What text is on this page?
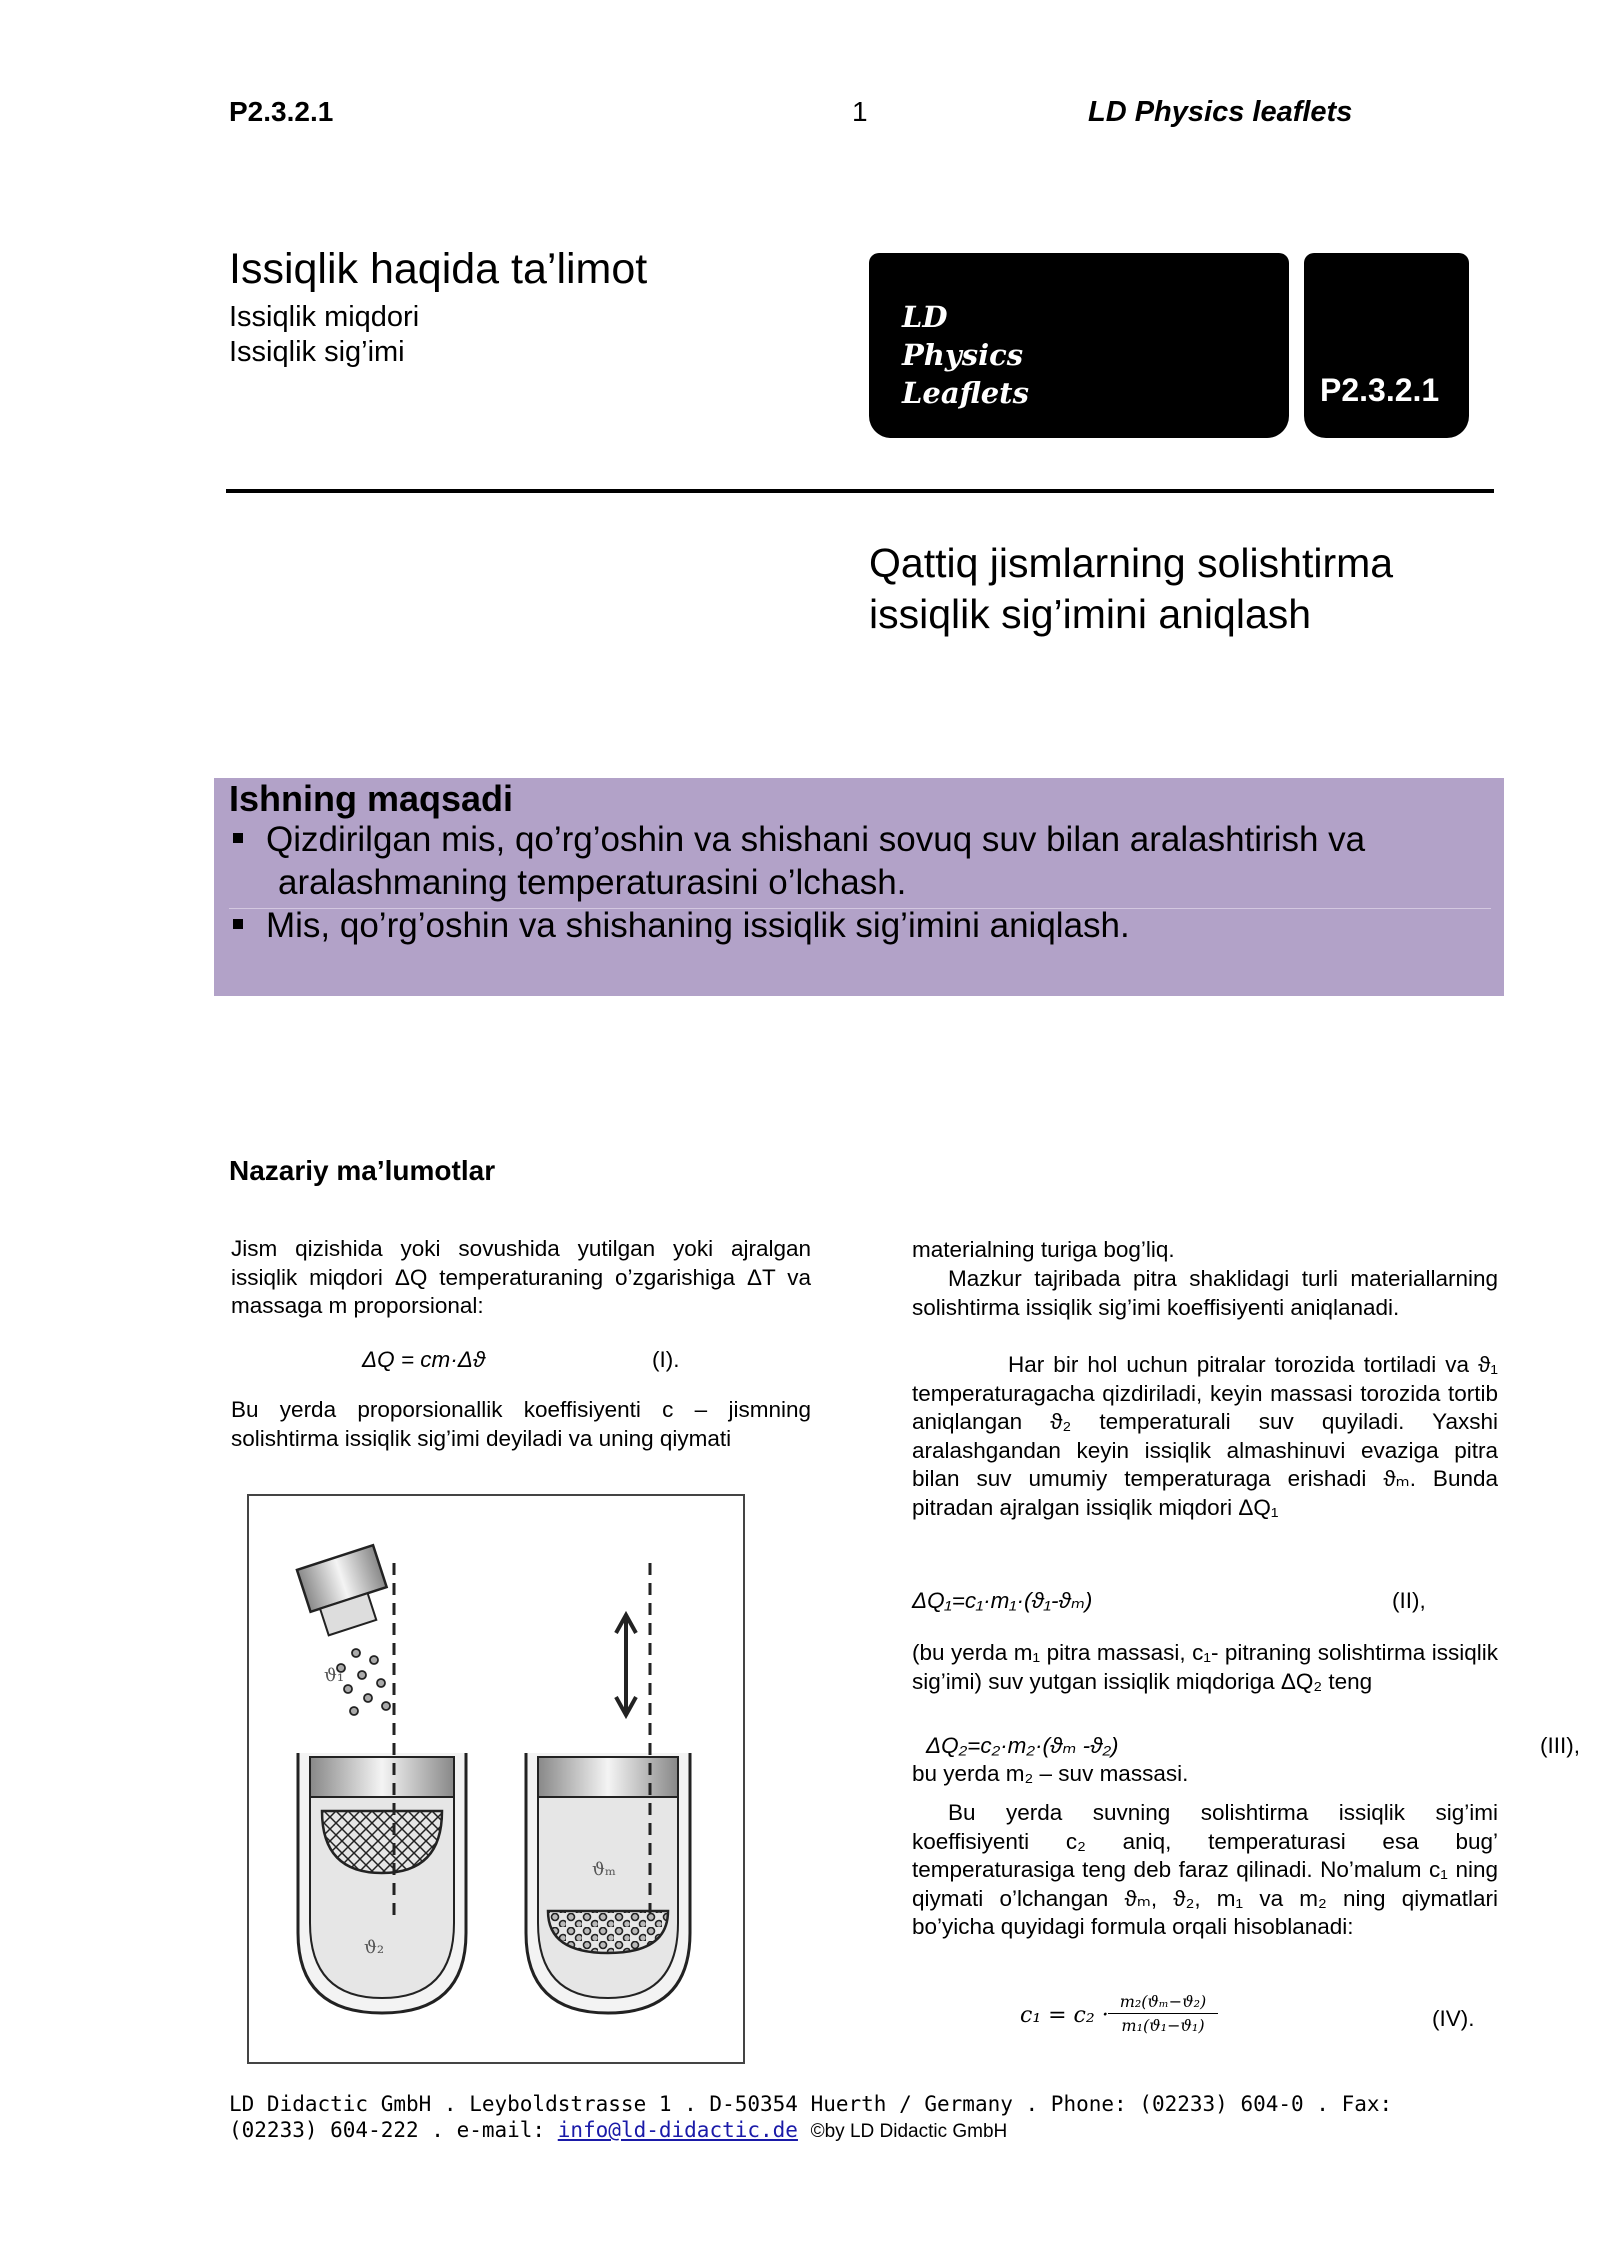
P2.3.2.1	1	LD Physics leaflets
Issiqlik haqida ta’limot
Issiqlik miqdori
Issiqlik sig’imi
LD
Physics
Leaflets	P2.3.2.1
Qattiq jismlarning solishtirma
issiqlik sig’imini aniqlash
Ishning maqsadi
Qizdirilgan mis, qo’rg’oshin va shishani sovuq suv bilan aralashtirish va
aralashmaning temperaturasini o’lchash.
Mis, qo’rg’oshin va shishaning issiqlik sig’imini aniqlash.
Nazariy ma’lumotlar
Jism qizishida yoki sovushida yutilgan yoki ajralgan issiqlik miqdori ΔQ temperaturaning o’zgarishiga ΔT va massaga m proporsional:
ΔQ = cm·Δϑ	(I).
Bu yerda proporsionallik koeffisiyenti c – jismning solishtirma issiqlik sig’imi deyiladi va uning qiymati
ϑ₂
ϑ₁
ϑₘ
materialning turiga bog’liq.
Mazkur tajribada pitra shaklidagi turli materiallarning solishtirma issiqlik sig’imi koeffisiyenti aniqlanadi.
Har bir hol uchun pitralar torozida tortiladi va ϑ₁ temperaturagacha qizdiriladi, keyin massasi torozida tortib aniqlangan ϑ₂ temperaturali suv quyiladi. Yaxshi aralashgandan keyin issiqlik almashinuvi evaziga pitra bilan suv umumiy temperaturaga erishadi ϑₘ. Bunda pitradan ajralgan issiqlik miqdori ΔQ₁
ΔQ₁=c₁·m₁·(ϑ₁-ϑₘ)	(II),
(bu yerda m₁ pitra massasi, c₁- pitraning solishtirma issiqlik sig’imi) suv yutgan issiqlik miqdoriga ΔQ₂ teng
ΔQ₂=c₂·m₂·(ϑₘ -ϑ₂)	(III),
bu yerda m₂ – suv massasi.
Bu yerda suvning solishtirma issiqlik sig’imi koeffisiyenti c₂ aniq, temperaturasi esa bug’ temperaturasiga teng deb faraz qilinadi. No’malum c₁ ning qiymati o’lchangan ϑₘ, ϑ₂, m₁ va m₂ ning qiymatlari bo’yicha quyidagi formula orqali hisoblanadi:
$c_1 = c_2 \cdot \frac{\text{m₂(ϑₘ−ϑ₂)}}{\text{m₁(ϑ₁−ϑ₁)}}$	(IV).
LD Didactic GmbH . Leyboldstrasse 1 . D-50354 Huerth / Germany . Phone: (02233) 604-0 . Fax:
(02233) 604-222 . e-mail: info@ld-didactic.de ©by LD Didactic GmbH
